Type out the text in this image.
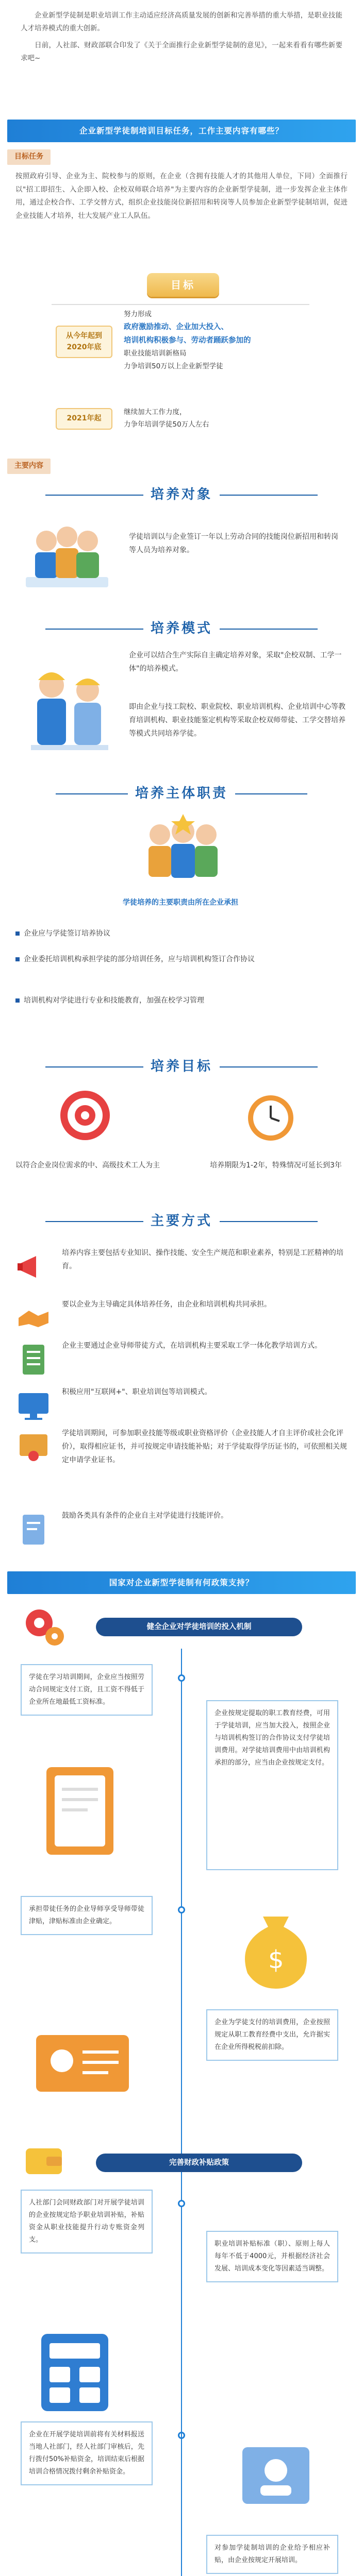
企业新型学徒制是职业培训工作主动适应经济高质量发展的创新和完善举措的重大举措，是职业技能人才培养模式的重大创新。

日前，人社部、财政部联合印发了《关于全面推行企业新型学徒制的意见》，一起来看看有哪些新要求吧~

企业新型学徒制培训目标任务，工作主要内容有哪些？
目标任务
按照政府引导、企业为主、院校参与的原则，在企业（含拥有技能人才的其他用人单位，下同）全面推行以"招工即招生、入企即入校、企校双师联合培养"为主要内容的企业新型学徒制，进一步发挥企业主体作用，通过企校合作、工学交替方式，组织企业技能岗位新招用和转岗等人员参加企业新型学徒制培训，促进企业技能人才培养，壮大发展产业工人队伍。
目标
从今年起到2020年底
努力形成
政府激励推动、企业加大投入、
培训机构积极参与、劳动者踊跃参加的
职业技能培训新格局
力争培训50万以上企业新型学徒
2021年起
继续加大工作力度，
力争年培训学徒50万人左右
主要内容
培养对象
学徒培训以与企业签订一年以上劳动合同的技能岗位新招用和转岗等人员为培养对象。
培养模式
企业可以结合生产实际自主确定培养对象，采取"企校双制、工学一体"的培养模式。
即由企业与技工院校、职业院校、职业培训机构、企业培训中心等教育培训机构、职业技能鉴定机构等采取企校双师带徒、工学交替培养等模式共同培养学徒。
培养主体职责
学徒培养的主要职责由所在企业承担
企业应与学徒签订培养协议
企业委托培训机构承担学徒的部分培训任务，应与培训机构签订合作协议
培训机构对学徒进行专业和技能教育，加强在校学习管理
培养目标
以符合企业岗位需求的中、高级技术工人为主	培养期限为1-2年，特殊情况可延长到3年
主要方式
培养内容主要包括专业知识、操作技能、安全生产规范和职业素养，特别是工匠精神的培育。
要以企业为主导确定具体培养任务，由企业和培训机构共同承担。
企业主要通过企业导师带徒方式，在培训机构主要采取工学一体化教学培训方式。
积极应用"互联网+"、职业培训包等培训模式。
学徒培训期间，可参加职业技能等级或职业资格评价（企业技能人才自主评价或社会化评价），取得相应证书，并可按规定申请技能补贴；对于学徒取得学历证书的，可依照相关规定申请学业证书。
鼓励各类具有条件的企业自主对学徒进行技能评价。
国家对企业新型学徒制有何政策支持？
健全企业对学徒培训的投入机制
学徒在学习培训期间，企业应当按照劳动合同规定支付工资，且工资不得低于企业所在地最低工资标准。
企业按规定提取的职工教育经费，可用于学徒培训，应当加大投入，按照企业与培训机构签订的合作协议支付学徒培训费用。对学徒培训费用中由培训机构承担的部分，应当由企业按规定支付。
承担带徒任务的企业导师享受导师带徒津贴，津贴标准由企业确定。
$
企业为学徒支付的培训费用，企业按照规定从职工教育经费中支出，允许据实在企业所得税税前扣除。
完善财政补贴政策
人社部门会同财政部门对开展学徒培训的企业按规定给予职业培训补贴，补贴资金从职业技能提升行动专账资金列支。
职业培训补贴标准（职）、原则上每人每年不低于4000元，并根据经济社会发展、培训成本变化等因素适当调整。
企业在开展学徒培训前将有关材料报送当地人社部门，经人社部门审核后，先行拨付50%补贴资金，培训结束后根据培训合格情况拨付剩余补贴资金。
对参加学徒制培训的企业给予相应补贴，由企业按规定开展培训。
